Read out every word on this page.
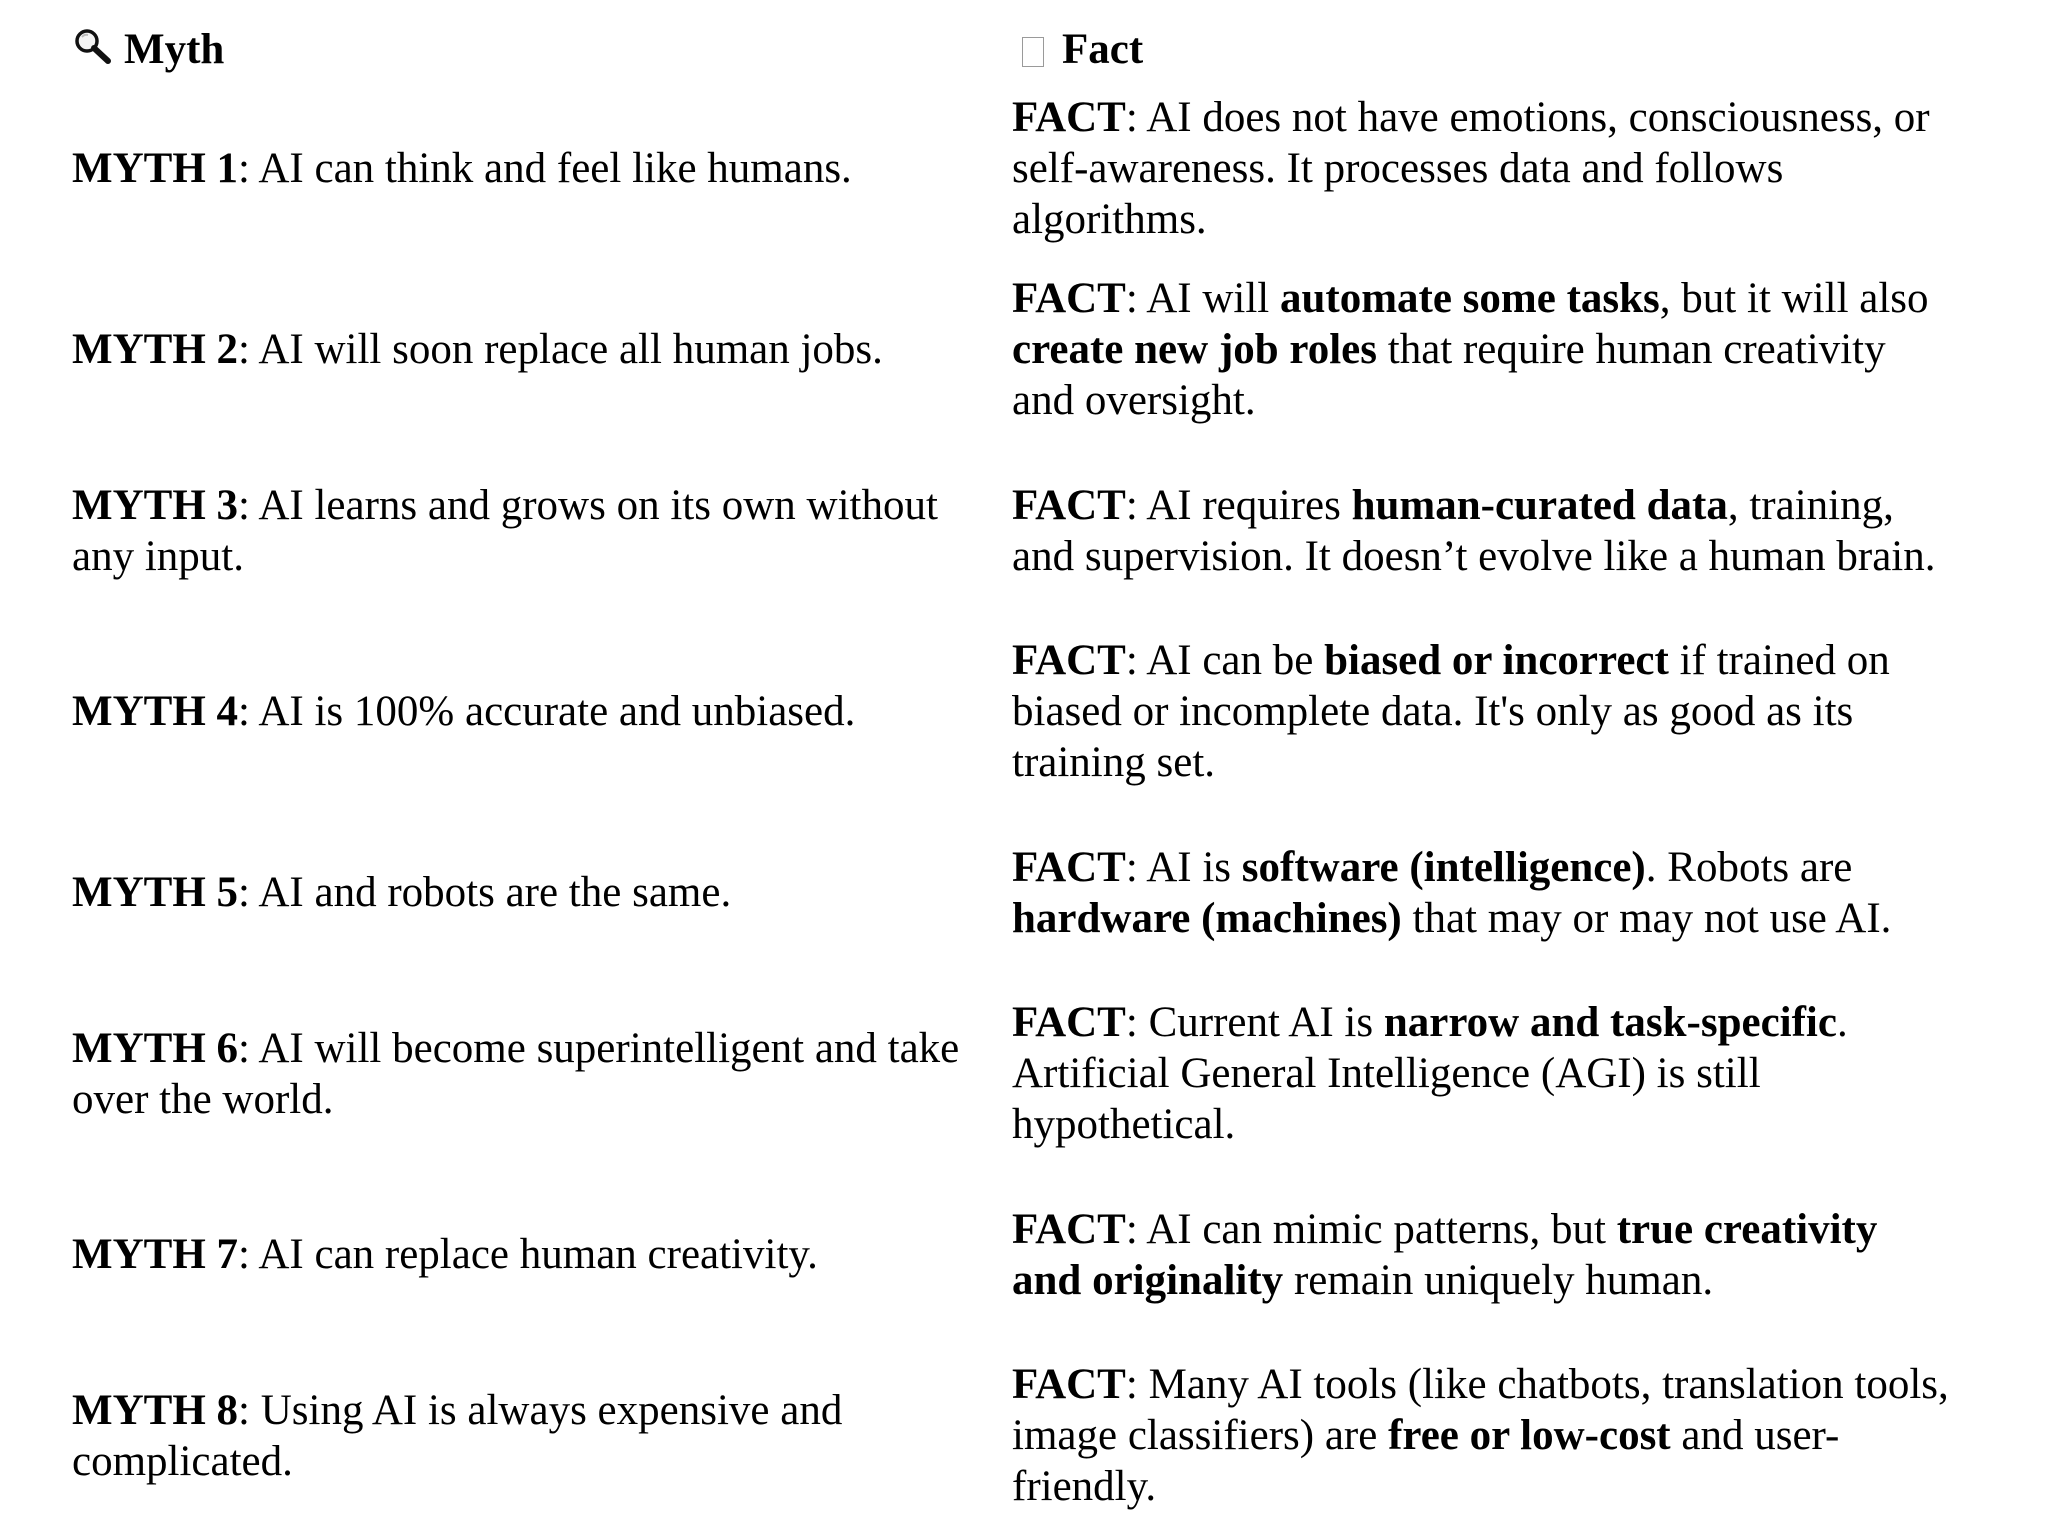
Myth	Fact
MYTH 1: AI can think and feel like humans.	FACT: AI does not have emotions, consciousness, or self-awareness. It processes data and follows algorithms.
MYTH 2: AI will soon replace all human jobs.	FACT: AI will automate some tasks, but it will also create new job roles that require human creativity and oversight.
MYTH 3: AI learns and grows on its own without any input.	FACT: AI requires human-curated data, training, and supervision. It doesn’t evolve like a human brain.
MYTH 4: AI is 100% accurate and unbiased.	FACT: AI can be biased or incorrect if trained on biased or incomplete data. It's only as good as its training set.
MYTH 5: AI and robots are the same.	FACT: AI is software (intelligence). Robots are hardware (machines) that may or may not use AI.
MYTH 6: AI will become superintelligent and take over the world.	FACT: Current AI is narrow and task-specific. Artificial General Intelligence (AGI) is still hypothetical.
MYTH 7: AI can replace human creativity.	FACT: AI can mimic patterns, but true creativity and originality remain uniquely human.
MYTH 8: Using AI is always expensive and complicated.	FACT: Many AI tools (like chatbots, translation tools, image classifiers) are free or low-cost and user-friendly.
